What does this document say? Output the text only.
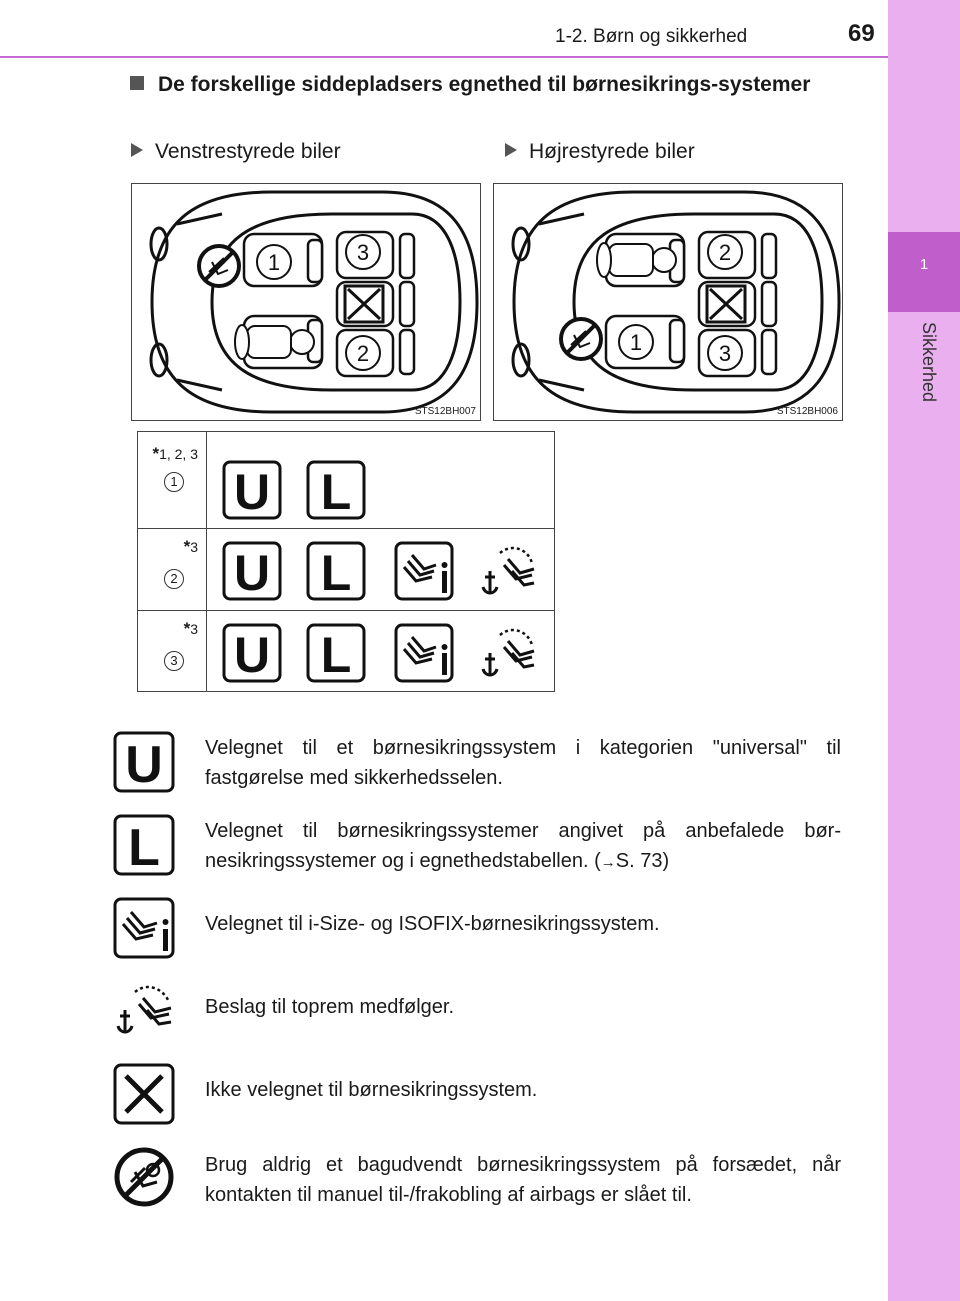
1-2. Børn og sikkerhed	69
1
Sikkerhed
De forskellige siddepladsers egnethed til børnesikrings-systemer
Venstrestyrede biler	Højrestyrede biler
1
2
3
STS12BH007
1
2
3
STS12BH006
*1, 2, 3
1 U L
*3
2 U L
*3
3 U L
U Velegnet til et børnesikringssystem i kategorien "universal" til fastgørelse med sikkerhedsselen.
L Velegnet til børnesikringssystemer angivet på anbefalede bør-nesikringssystemer og i egnethedstabellen. (→S. 73)
Velegnet til i-Size- og ISOFIX-børnesikringssystem.
Beslag til toprem medfølger.
Ikke velegnet til børnesikringssystem.
Brug aldrig et bagudvendt børnesikringssystem på forsædet, når kontakten til manuel til-/frakobling af airbags er slået til.
